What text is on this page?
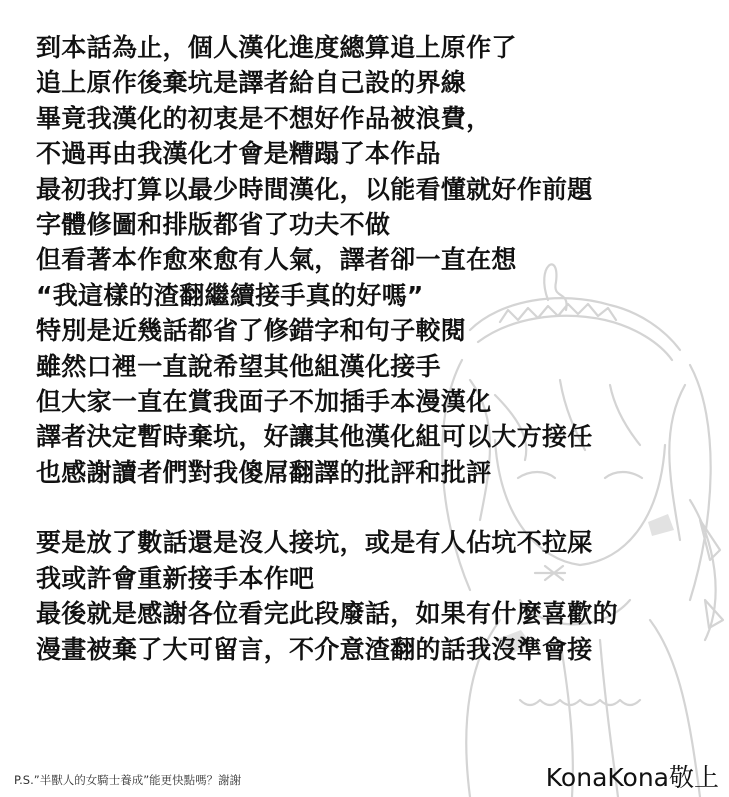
到本話為止，個人漢化進度總算追上原作了
追上原作後棄坑是譯者給自己設的界線
畢竟我漢化的初衷是不想好作品被浪費，
不過再由我漢化才會是糟蹋了本作品
最初我打算以最少時間漢化，以能看懂就好作前題
字體修圖和排版都省了功夫不做
但看著本作愈來愈有人氣，譯者卻一直在想
“我這樣的渣翻繼續接手真的好嗎”
特別是近幾話都省了修錯字和句子較閱
雖然口裡一直說希望其他組漢化接手
但大家一直在賞我面子不加插手本漫漢化
譯者決定暫時棄坑，好讓其他漢化組可以大方接任
也感謝讀者們對我傻屌翻譯的批評和批評
要是放了數話還是沒人接坑，或是有人佔坑不拉屎
我或許會重新接手本作吧
最後就是感謝各位看完此段廢話，如果有什麼喜歡的
漫畫被棄了大可留言，不介意渣翻的話我沒準會接
P.S.”半獸人的女騎士養成”能更快點嗎？謝謝	KonaKona敬上
